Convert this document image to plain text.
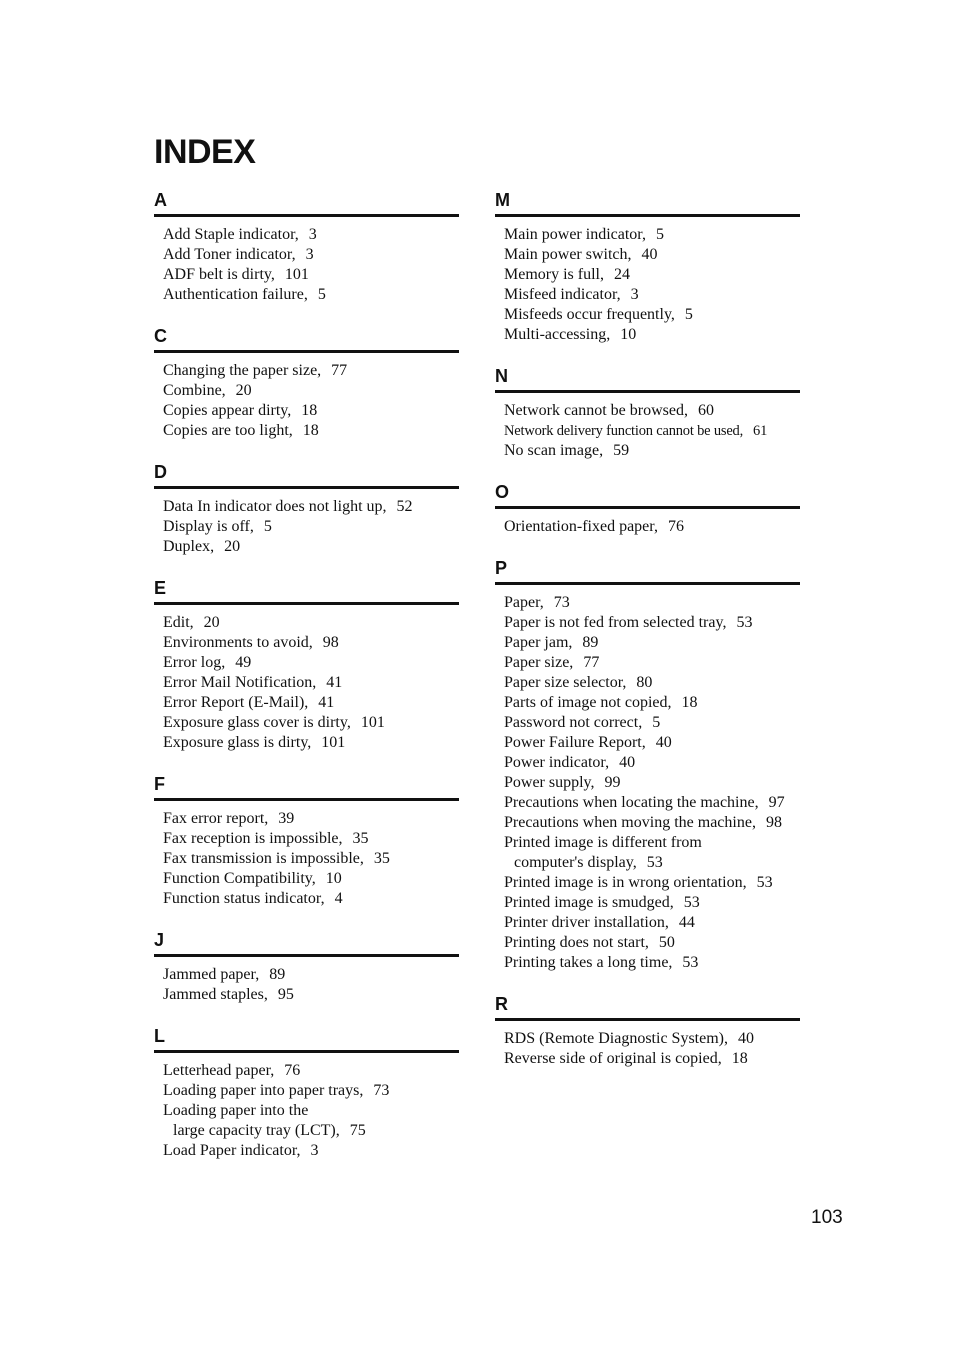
INDEX
A
Add Staple indicator, 3
Add Toner indicator, 3
ADF belt is dirty, 101
Authentication failure, 5
C
Changing the paper size, 77
Combine, 20
Copies appear dirty, 18
Copies are too light, 18
D
Data In indicator does not light up, 52
Display is off, 5
Duplex, 20
E
Edit, 20
Environments to avoid, 98
Error log, 49
Error Mail Notification, 41
Error Report (E-Mail), 41
Exposure glass cover is dirty, 101
Exposure glass is dirty, 101
F
Fax error report, 39
Fax reception is impossible, 35
Fax transmission is impossible, 35
Function Compatibility, 10
Function status indicator, 4
J
Jammed paper, 89
Jammed staples, 95
L
Letterhead paper, 76
Loading paper into paper trays, 73
Loading paper into the
large capacity tray (LCT), 75
Load Paper indicator, 3
M
Main power indicator, 5
Main power switch, 40
Memory is full, 24
Misfeed indicator, 3
Misfeeds occur frequently, 5
Multi-accessing, 10
N
Network cannot be browsed, 60
Network delivery function cannot be used, 61
No scan image, 59
O
Orientation-fixed paper, 76
P
Paper, 73
Paper is not fed from selected tray, 53
Paper jam, 89
Paper size, 77
Paper size selector, 80
Parts of image not copied, 18
Password not correct, 5
Power Failure Report, 40
Power indicator, 40
Power supply, 99
Precautions when locating the machine, 97
Precautions when moving the machine, 98
Printed image is different from
computer's display, 53
Printed image is in wrong orientation, 53
Printed image is smudged, 53
Printer driver installation, 44
Printing does not start, 50
Printing takes a long time, 53
R
RDS (Remote Diagnostic System), 40
Reverse side of original is copied, 18
103
